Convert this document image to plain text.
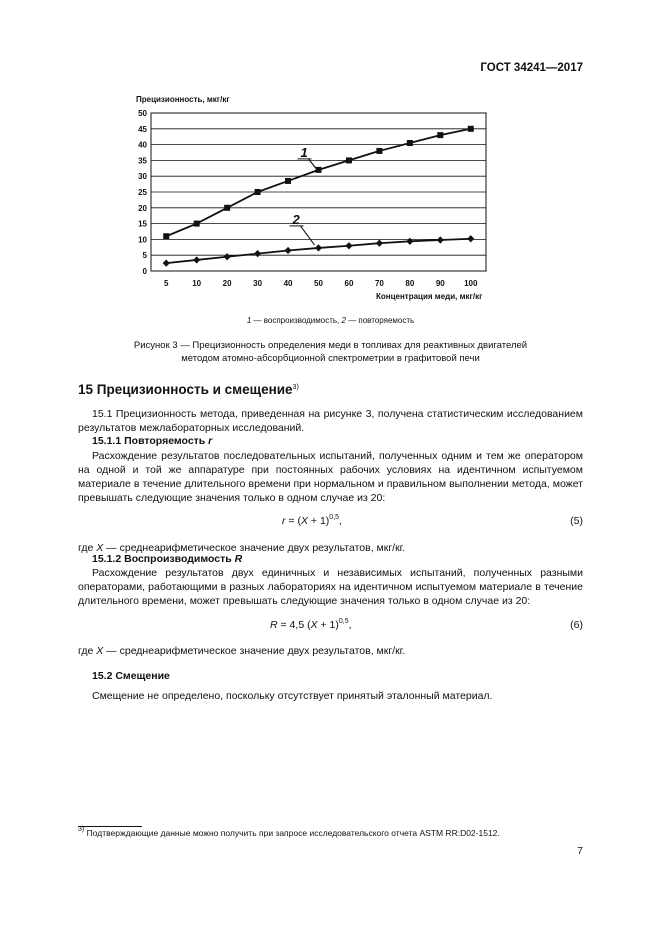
ГОСТ 34241—2017
Прецизионность, мкг/кг
Концентрация меди, мкг/кг
0
5
10
15
20
25
30
35
40
45
50
5	10	20	30	40	50	60	70	80	90 100
1
2
1 — воспроизводимость, 2 — повторяемость
Рисунок 3 — Прецизионность определения меди в топливах для реактивных двигателей
методом атомно-абсорбционной спектрометрии в графитовой печи
15 Прецизионность и смещение$^{3)}$
15.1 Прецизионность метода, приведенная на рисунке 3, получена статистическим исследованием результатов межлабораторных исследований.
15.1.1 Повторяемость r
Расхождение результатов последовательных испытаний, полученных одним и тем же оператором на одной и той же аппаратуре при постоянных рабочих условиях на идентичном испытуемом материале в течение длительного времени при нормальном и правильном выполнении метода, может превышать следующие значения только в одном случае из 20:
$r = (X + 1)^{0,5}$,	(5)
где X — среднеарифметическое значение двух результатов, мкг/кг.
15.1.2 Воспроизводимость R
Расхождение результатов двух единичных и независимых испытаний, полученных разными операторами, работающими в разных лабораториях на идентичном испытуемом материале в течение длительного времени, может превышать следующие значения только в одном случае из 20:
R = 4,5 $(X + 1)^{0,5}$,	(6)
где X — среднеарифметическое значение двух результатов, мкг/кг.
15.2 Смещение
Смещение не определено, поскольку отсутствует принятый эталонный материал.
$^{3)}$ Подтверждающие данные можно получить при запросе исследовательского отчета ASTM RR:D02-1512.
7
